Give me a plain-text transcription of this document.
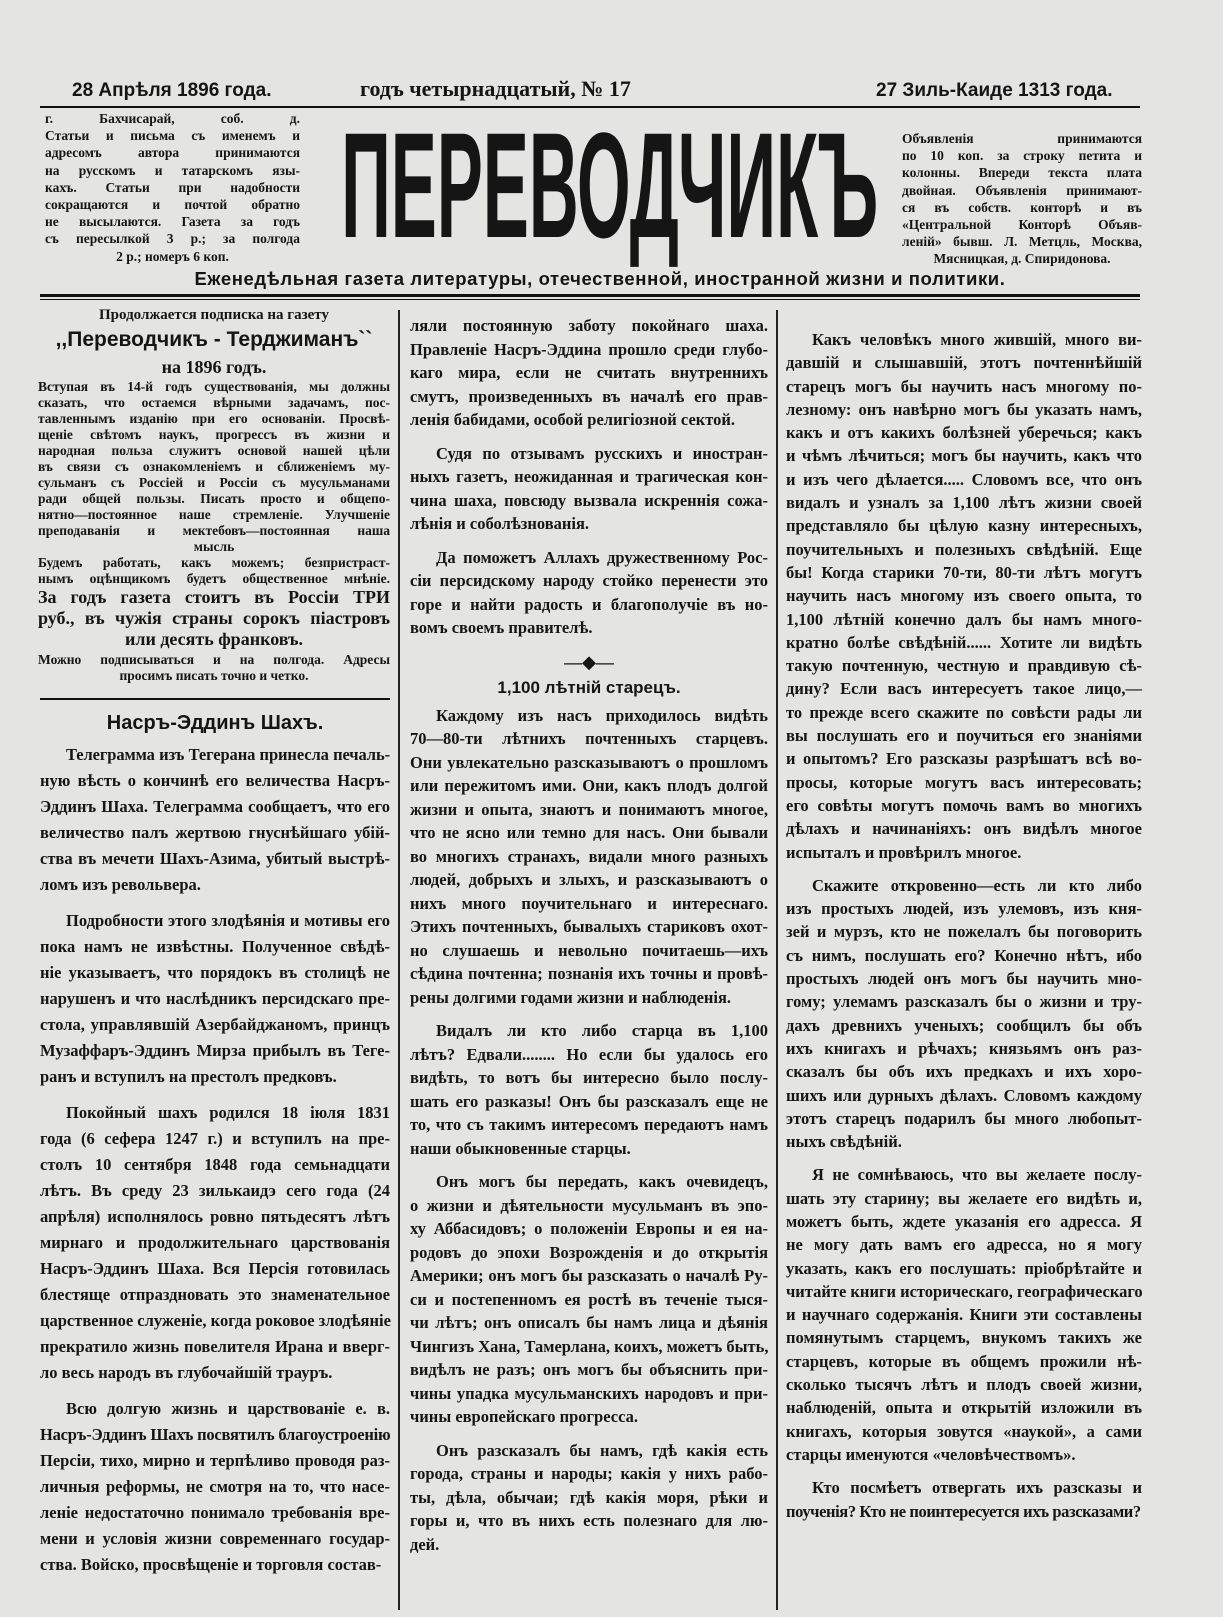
28 Апрѣля 1896 года.	годъ четырнадцатый, № 17	27 Зиль-Каиде 1313 года.
г. Бахчисарай, соб. д.
Статьи и письма съ именемъ и
адресомъ автора принимаются
на русскомъ и татарскомъ язы-
кахъ. Статьи при надобности
сокращаются и почтой обратно
не высылаются. Газета за годъ
съ пересылкой 3 р.; за полгода
2 р.; номеръ 6 коп. ПЕРЕВОДЧИКЪ Объявленія принимаются
по 10 коп. за строку петита и
колонны. Впереди текста плата
двойная. Объявленія принимают-
ся въ собств. конторѣ и въ
«Центральной Конторѣ Объяв-
леній» бывш. Л. Метцль, Москва,
Мясницкая, д. Спиридонова.
Еженедѣльная газета литературы, отечественной, иностранной жизни и политики.
Продолжается подписка на газету
,,Переводчикъ - Терджиманъ``
на 1896 годъ.
Вступая въ 14-й годъ существованія, мы должны
сказать, что остаемся вѣрными задачамъ, пос-
тавленнымъ изданію при его основаніи. Просвѣ-
щеніе свѣтомъ наукъ, прогрессъ въ жизни и
народная польза служитъ основой нашей цѣли
въ связи съ ознакомленіемъ и сближеніемъ му-
сульманъ съ Россіей и Россіи съ мусульманами
ради общей пользы. Писать просто и общепо-
нятно—постоянное наше стремленіе. Улучшеніе
преподаванія и мектебовъ—постоянная наша
мысль
Будемъ работать, какъ можемъ; безпристраст-
нымъ оцѣнщикомъ будетъ общественное мнѣніе.
За годъ газета стоитъ въ Россіи ТРИ
руб., въ чужія страны сорокъ піастровъ
или десять франковъ.
Можно подписываться и на полгода. Адресы
просимъ писать точно и четко.
Насръ-Эддинъ Шахъ.
Телеграмма изъ Тегерана принесла печаль-
ную вѣсть о кончинѣ его величества Насръ-
Эддинъ Шаха. Телеграмма сообщаетъ, что его
величество палъ жертвою гнуснѣйшаго убій-
ства въ мечети Шахъ-Азима, убитый выстрѣ-
ломъ изъ револьвера.
Подробности этого злодѣянія и мотивы его
пока намъ не извѣстны. Полученное свѣдѣ-
ніе указываетъ, что порядокъ въ столицѣ не
нарушенъ и что наслѣдникъ персидскаго пре-
стола, управлявшій Азербайджаномъ, принцъ
Музаффаръ-Эддинъ Мирза прибылъ въ Теге-
ранъ и вступилъ на престолъ предковъ.
Покойный шахъ родился 18 іюля 1831
года (6 сефера 1247 г.) и вступилъ на пре-
столъ 10 сентября 1848 года семьнадцати
лѣтъ. Въ среду 23 зилькаидэ сего года (24
апрѣля) исполнялось ровно пятьдесятъ лѣтъ
мирнаго и продолжительнаго царствованія
Насръ-Эддинъ Шаха. Вся Персія готовилась
блестяще отпраздновать это знаменательное
царственное служеніе, когда роковое злодѣяніе
прекратило жизнь повелителя Ирана и вверг-
ло весь народъ въ глубочайшій трауръ.
Всю долгую жизнь и царствованіе е. в.
Насръ-Эддинъ Шахъ посвятилъ благоустроенію
Персіи, тихо, мирно и терпѣливо проводя раз-
личныя реформы, не смотря на то, что насе-
леніе недостаточно понимало требованія вре-
мени и условія жизни современнаго государ-
ства. Войско, просвѣщеніе и торговля состав-
ляли постоянную заботу покойнаго шаха.
Правленіе Насръ-Эддина прошло среди глубо-
каго мира, если не считать внутреннихъ
смутъ, произведенныхъ въ началѣ его прав-
ленія бабидами, особой религіозной сектой.
Судя по отзывамъ русскихъ и иностран-
ныхъ газетъ, неожиданная и трагическая кон-
чина шаха, повсюду вызвала искреннія сожа-
лѣнія и соболѣзнованія.
Да поможетъ Аллахъ дружественному Рос-
сіи персидскому народу стойко перенести это
горе и найти радость и благополучіе въ но-
вомъ своемъ правителѣ.
—◆—
1,100 лѣтній старецъ.
Каждому изъ насъ приходилось видѣть
70—80-ти лѣтнихъ почтенныхъ старцевъ.
Они увлекательно разсказываютъ о прошломъ
или пережитомъ ими. Они, какъ плодъ долгой
жизни и опыта, знаютъ и понимаютъ многое,
что не ясно или темно для насъ. Они бывали
во многихъ странахъ, видали много разныхъ
людей, добрыхъ и злыхъ, и разсказываютъ о
нихъ много поучительнаго и интереснаго.
Этихъ почтенныхъ, бывалыхъ стариковъ охот-
но слушаешь и невольно почитаешь—ихъ
сѣдина почтенна; познанія ихъ точны и провѣ-
рены долгими годами жизни и наблюденія.
Видалъ ли кто либо старца въ 1,100
лѣтъ? Едвали........ Но если бы удалось его
видѣть, то вотъ бы интересно было послу-
шать его разказы! Онъ бы разсказалъ еще не
то, что съ такимъ интересомъ передаютъ намъ
наши обыкновенные старцы.
Онъ могъ бы передать, какъ очевидецъ,
о жизни и дѣятельности мусульманъ въ эпо-
ху Аббасидовъ; о положеніи Европы и ея на-
родовъ до эпохи Возрожденія и до открытія
Америки; онъ могъ бы разсказать о началѣ Ру-
си и постепенномъ ея ростѣ въ теченіе тыся-
чи лѣтъ; онъ описалъ бы намъ лица и дѣянія
Чингизъ Хана, Тамерлана, коихъ, можетъ быть,
видѣлъ не разъ; онъ могъ бы объяснить при-
чины упадка мусульманскихъ народовъ и при-
чины европейскаго прогресса.
Онъ разсказалъ бы намъ, гдѣ какія есть
города, страны и народы; какія у нихъ рабо-
ты, дѣла, обычаи; гдѣ какія моря, рѣки и
горы и, что въ нихъ есть полезнаго для лю-
дей.
Какъ человѣкъ много жившій, много ви-
давшій и слышавшій, этотъ почтеннѣйшій
старецъ могъ бы научить насъ многому по-
лезному: онъ навѣрно могъ бы указать намъ,
какъ и отъ какихъ болѣзней уберечься; какъ
и чѣмъ лѣчиться; могъ бы научить, какъ что
и изъ чего дѣлается..... Словомъ все, что онъ
видалъ и узналъ за 1,100 лѣтъ жизни своей
представляло бы цѣлую казну интересныхъ,
поучительныхъ и полезныхъ свѣдѣній. Еще
бы! Когда старики 70-ти, 80-ти лѣтъ могутъ
научить насъ многому изъ своего опыта, то
1,100 лѣтній конечно далъ бы намъ много-
кратно болѣе свѣдѣній...... Хотите ли видѣть
такую почтенную, честную и правдивую сѣ-
дину? Если васъ интересуетъ такое лицо,—
то прежде всего скажите по совѣсти рады ли
вы послушать его и поучиться его знаніями
и опытомъ? Его разсказы разрѣшатъ всѣ во-
просы, которые могутъ васъ интересовать;
его совѣты могутъ помочь вамъ во многихъ
дѣлахъ и начинаніяхъ: онъ видѣлъ многое
испыталъ и провѣрилъ многое.
Скажите откровенно—есть ли кто либо
изъ простыхъ людей, изъ улемовъ, изъ кня-
зей и мурзъ, кто не пожелалъ бы поговорить
съ нимъ, послушать его? Конечно нѣтъ, ибо
простыхъ людей онъ могъ бы научить мно-
гому; улемамъ разсказалъ бы о жизни и тру-
дахъ древнихъ ученыхъ; сообщилъ бы объ
ихъ книгахъ и рѣчахъ; князьямъ онъ раз-
сказалъ бы объ ихъ предкахъ и ихъ хоро-
шихъ или дурныхъ дѣлахъ. Словомъ каждому
этотъ старецъ подарилъ бы много любопыт-
ныхъ свѣдѣній.
Я не сомнѣваюсь, что вы желаете послу-
шать эту старину; вы желаете его видѣть и,
можетъ быть, ждете указанія его адресса. Я
не могу дать вамъ его адресса, но я могу
указать, какъ его послушать: пріобрѣтайте и
читайте книги историческаго, географическаго
и научнаго содержанія. Книги эти составлены
помянутымъ старцемъ, внукомъ такихъ же
старцевъ, которые въ общемъ прожили нѣ-
сколько тысячъ лѣтъ и плодъ своей жизни,
наблюденій, опыта и открытій изложили въ
книгахъ, которыя зовутся «наукой», а сами
старцы именуются «человѣчествомъ».
Кто посмѣетъ отвергать ихъ разсказы и
поученія? Кто не поинтересуется ихъ разсказами?
